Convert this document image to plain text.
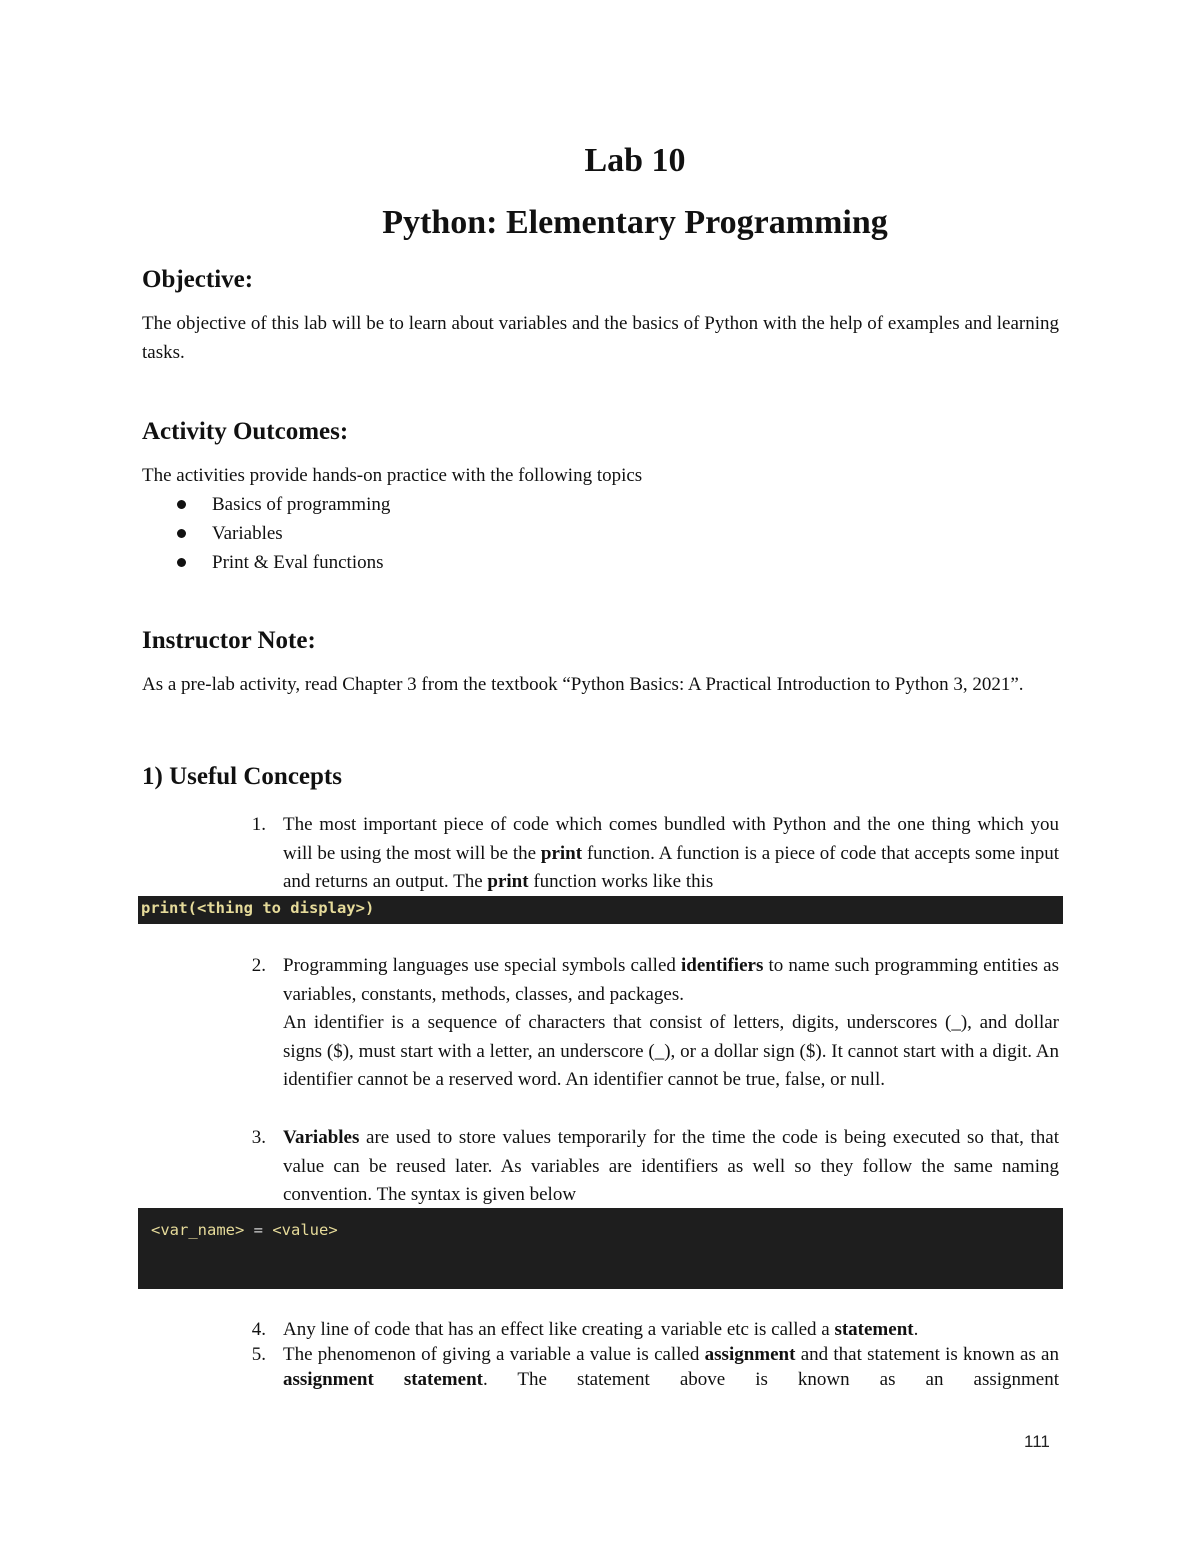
Lab 10
Python: Elementary Programming
Objective:

The objective of this lab will be to learn about variables and the basics of Python with the help of examples and learning tasks.

Activity Outcomes:

The activities provide hands-on practice with the following topics

Basics of programming
Variables
Print & Eval functions
Instructor Note:

As a pre-lab activity, read Chapter 3 from the textbook “Python Basics: A Practical Introduction to Python 3, 2021”.

1) Useful Concepts
1. The most important piece of code which comes bundled with Python and the one thing which you will be using the most will be the print function. A function is a piece of code that accepts some input and returns an output. The print function works like this
print(<thing to display>)
2. Programming languages use special symbols called identifiers to name such programming entities as variables, constants, methods, classes, and packages.
An identifier is a sequence of characters that consist of letters, digits, underscores (_), and dollar signs ($), must start with a letter, an underscore (_), or a dollar sign ($). It cannot start with a digit. An identifier cannot be a reserved word. An identifier cannot be true, false, or null.
3. Variables are used to store values temporarily for the time the code is being executed so that, that value can be reused later. As variables are identifiers as well so they follow the same naming convention. The syntax is given below
<var_name> = <value>
4. Any line of code that has an effect like creating a variable etc is called a statement.
5. The phenomenon of giving a variable a value is called assignment and that statement is known as an assignment statement. The statement above is known as an assignment
111
